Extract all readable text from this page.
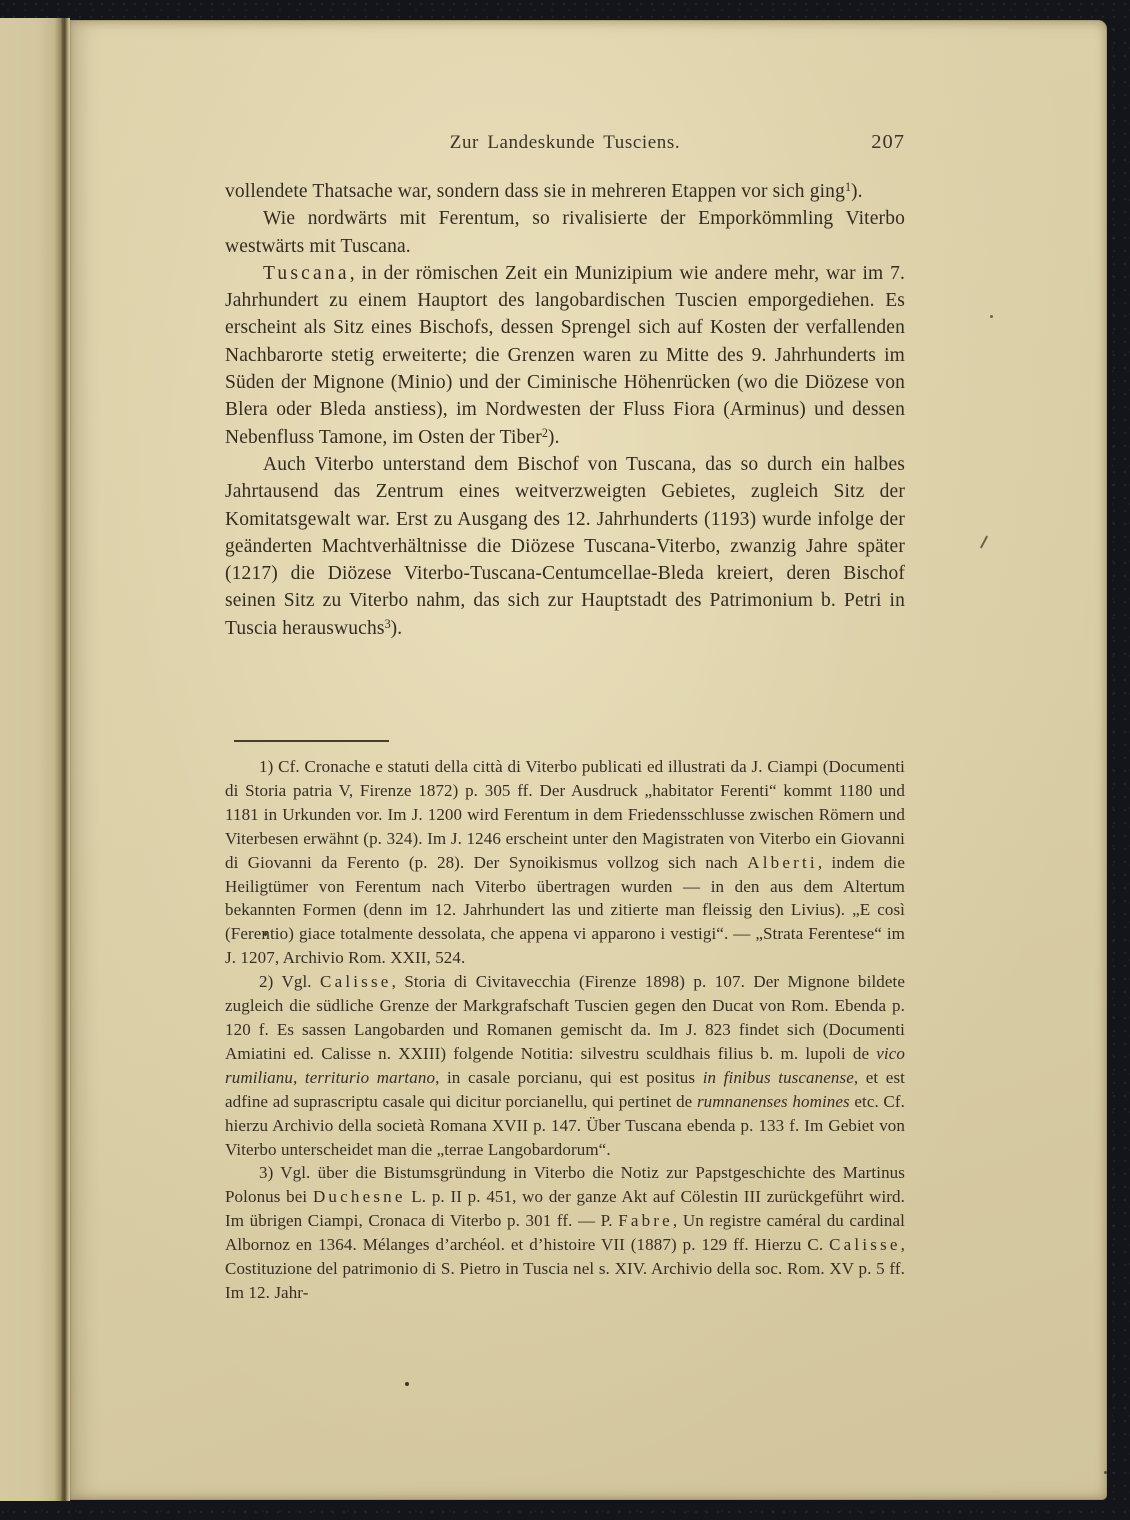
Zur Landeskunde Tusciens.	207

vollendete Thatsache war, sondern dass sie in mehreren Etappen vor sich ging$^1$).

Wie nordwärts mit Ferentum, so rivalisierte der Emporkömmling Viterbo westwärts mit Tuscana.

Tuscana, in der römischen Zeit ein Munizipium wie andere mehr, war im 7. Jahrhundert zu einem Hauptort des langobardischen Tuscien emporgediehen. Es erscheint als Sitz eines Bischofs, dessen Sprengel sich auf Kosten der verfallenden Nachbarorte stetig erweiterte; die Grenzen waren zu Mitte des 9. Jahrhunderts im Süden der Mignone (Minio) und der Ciminische Höhenrücken (wo die Diözese von Blera oder Bleda anstiess), im Nordwesten der Fluss Fiora (Arminus) und dessen Nebenfluss Tamone, im Osten der Tiber$^2$).

Auch Viterbo unterstand dem Bischof von Tuscana, das so durch ein halbes Jahrtausend das Zentrum eines weitverzweigten Gebietes, zugleich Sitz der Komitatsgewalt war. Erst zu Ausgang des 12. Jahrhunderts (1193) wurde infolge der geänderten Machtverhältnisse die Diözese Tuscana-Viterbo, zwanzig Jahre später (1217) die Diözese Viterbo-Tuscana-Centumcellae-Bleda kreiert, deren Bischof seinen Sitz zu Viterbo nahm, das sich zur Hauptstadt des Patrimonium b. Petri in Tuscia herauswuchs$^3$).

1) Cf. Cronache e statuti della città di Viterbo publicati ed illustrati da J. Ciampi (Documenti di Storia patria V, Firenze 1872) p. 305 ff. Der Ausdruck „habitator Ferenti“ kommt 1180 und 1181 in Urkunden vor. Im J. 1200 wird Ferentum in dem Friedensschlusse zwischen Römern und Viterbesen erwähnt (p. 324). Im J. 1246 erscheint unter den Magistraten von Viterbo ein Giovanni di Giovanni da Ferento (p. 28). Der Synoikismus vollzog sich nach Alberti, indem die Heiligtümer von Ferentum nach Viterbo übertragen wurden — in den aus dem Altertum bekannten Formen (denn im 12. Jahrhundert las und zitierte man fleissig den Livius). „E così (Ferentio) giace totalmente dessolata, che appena vi apparono i vestigi“. — „Strata Ferentese“ im J. 1207, Archivio Rom. XXII, 524.

2) Vgl. Calisse, Storia di Civitavecchia (Firenze 1898) p. 107. Der Mignone bildete zugleich die südliche Grenze der Markgrafschaft Tuscien gegen den Ducat von Rom. Ebenda p. 120 f. Es sassen Langobarden und Romanen gemischt da. Im J. 823 findet sich (Documenti Amiatini ed. Calisse n. XXIII) folgende Notitia: silvestru sculdhais filius b. m. lupoli de vico rumilianu, territurio martano, in casale porcianu, qui est positus in finibus tuscanense, et est adfine ad suprascriptu casale qui dicitur porcianellu, qui pertinet de rumnanenses homines etc. Cf. hierzu Archivio della società Romana XVII p. 147. Über Tuscana ebenda p. 133 f. Im Gebiet von Viterbo unterscheidet man die „terrae Langobardorum“.

3) Vgl. über die Bistumsgründung in Viterbo die Notiz zur Papstgeschichte des Martinus Polonus bei Duchesne L. p. II p. 451, wo der ganze Akt auf Cölestin III zurückgeführt wird. Im übrigen Ciampi, Cronaca di Viterbo p. 301 ff. — P. Fabre, Un registre caméral du cardinal Albornoz en 1364. Mélanges d’archéol. et d’histoire VII (1887) p. 129 ff. Hierzu C. Calisse, Costituzione del patrimonio di S. Pietro in Tuscia nel s. XIV. Archivio della soc. Rom. XV p. 5 ff. Im 12. Jahr-
